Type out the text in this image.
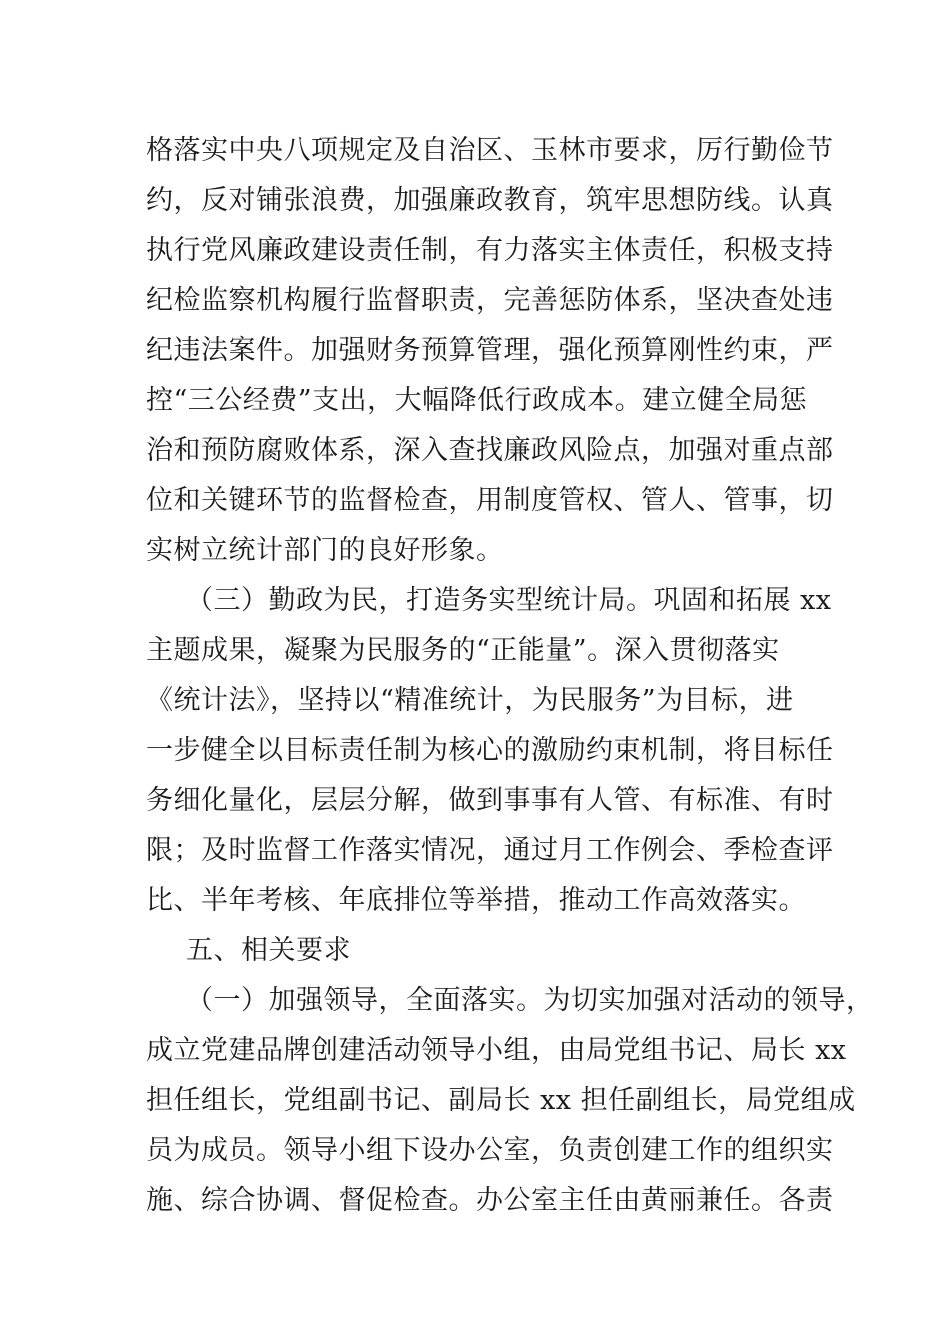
格落实中央八项规定及自治区、玉林市要求，厉行勤俭节
约，反对铺张浪费，加强廉政教育，筑牢思想防线。认真
执行党风廉政建设责任制，有力落实主体责任，积极支持
纪检监察机构履行监督职责，完善惩防体系，坚决查处违
纪违法案件。加强财务预算管理，强化预算刚性约束，严
控“三公经费”支出，大幅降低行政成本。建立健全局惩
治和预防腐败体系，深入查找廉政风险点，加强对重点部
位和关键环节的监督检查，用制度管权、管人、管事，切
实树立统计部门的良好形象。
（三）勤政为民，打造务实型统计局。巩固和拓展 xx
主题成果，凝聚为民服务的“正能量”。深入贯彻落实
《统计法》，坚持以“精准统计，为民服务”为目标，进
一步健全以目标责任制为核心的激励约束机制，将目标任
务细化量化，层层分解，做到事事有人管、有标准、有时
限；及时监督工作落实情况，通过月工作例会、季检查评
比、半年考核、年底排位等举措，推动工作高效落实。
五、相关要求
（一）加强领导，全面落实。为切实加强对活动的领导，
成立党建品牌创建活动领导小组，由局党组书记、局长 xx
担任组长，党组副书记、副局长 xx 担任副组长，局党组成
员为成员。领导小组下设办公室，负责创建工作的组织实
施、综合协调、督促检查。办公室主任由黄丽兼任。各责
